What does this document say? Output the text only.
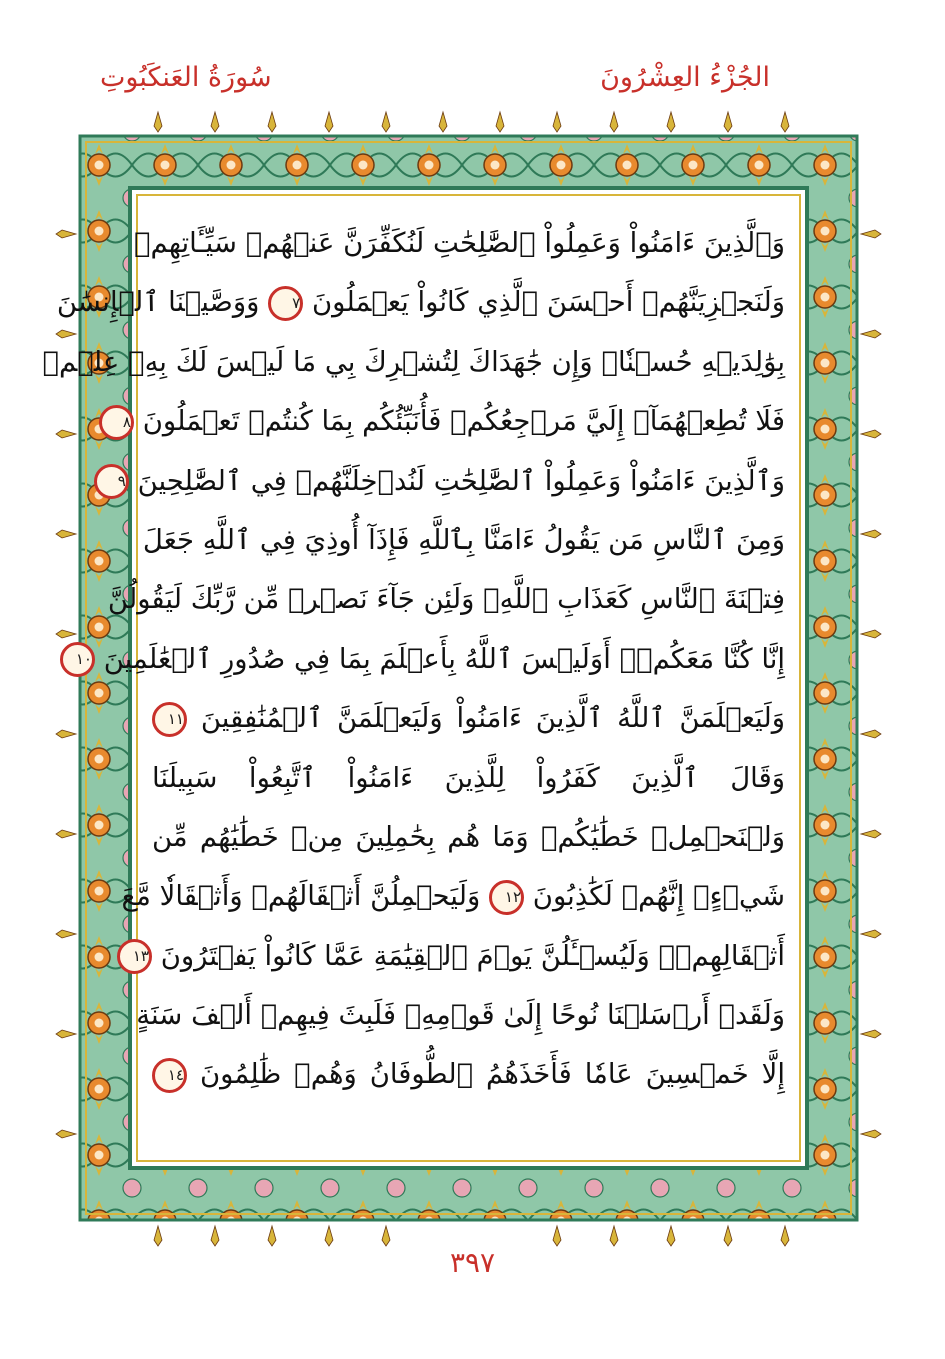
الجُزْءُ العِشْرُونَ
سُورَةُ العَنكَبُوتِ
وَٱلَّذِينَ ءَامَنُواْ وَعَمِلُواْ ٱلصَّٰلِحَٰتِ لَنُكَفِّرَنَّ عَنۡهُمۡ سَيِّـَٔاتِهِمۡ
وَلَنَجۡزِيَنَّهُمۡ أَحۡسَنَ ٱلَّذِي كَانُواْ يَعۡمَلُونَ ٧ وَوَصَّيۡنَا ٱلۡإِنسَٰنَ
بِوَٰلِدَيۡهِ حُسۡنٗاۖ وَإِن جَٰهَدَاكَ لِتُشۡرِكَ بِي مَا لَيۡسَ لَكَ بِهِۦ عِلۡمٞ
فَلَا تُطِعۡهُمَآۚ إِلَيَّ مَرۡجِعُكُمۡ فَأُنَبِّئُكُم بِمَا كُنتُمۡ تَعۡمَلُونَ ٨
وَٱلَّذِينَ ءَامَنُواْ وَعَمِلُواْ ٱلصَّٰلِحَٰتِ لَنُدۡخِلَنَّهُمۡ فِي ٱلصَّٰلِحِينَ ٩
وَمِنَ ٱلنَّاسِ مَن يَقُولُ ءَامَنَّا بِٱللَّهِ فَإِذَآ أُوذِيَ فِي ٱللَّهِ جَعَلَ
فِتۡنَةَ ٱلنَّاسِ كَعَذَابِ ٱللَّهِۖ وَلَئِن جَآءَ نَصۡرٞ مِّن رَّبِّكَ لَيَقُولُنَّ
إِنَّا كُنَّا مَعَكُمۡۚ أَوَلَيۡسَ ٱللَّهُ بِأَعۡلَمَ بِمَا فِي صُدُورِ ٱلۡعَٰلَمِينَ ١٠
وَلَيَعۡلَمَنَّ ٱللَّهُ ٱلَّذِينَ ءَامَنُواْ وَلَيَعۡلَمَنَّ ٱلۡمُنَٰفِقِينَ ١١
وَقَالَ ٱلَّذِينَ كَفَرُواْ لِلَّذِينَ ءَامَنُواْ ٱتَّبِعُواْ سَبِيلَنَا
وَلۡنَحۡمِلۡ خَطَٰيَٰكُمۡ وَمَا هُم بِحَٰمِلِينَ مِنۡ خَطَٰيَٰهُم مِّن
شَيۡءٍۖ إِنَّهُمۡ لَكَٰذِبُونَ ١٢ وَلَيَحۡمِلُنَّ أَثۡقَالَهُمۡ وَأَثۡقَالٗا مَّعَ
أَثۡقَالِهِمۡۖ وَلَيُسۡـَٔلُنَّ يَوۡمَ ٱلۡقِيَٰمَةِ عَمَّا كَانُواْ يَفۡتَرُونَ ١٣
وَلَقَدۡ أَرۡسَلۡنَا نُوحًا إِلَىٰ قَوۡمِهِۦ فَلَبِثَ فِيهِمۡ أَلۡفَ سَنَةٍ
إِلَّا خَمۡسِينَ عَامٗا فَأَخَذَهُمُ ٱلطُّوفَانُ وَهُمۡ ظَٰلِمُونَ ١٤
٣٩٧
